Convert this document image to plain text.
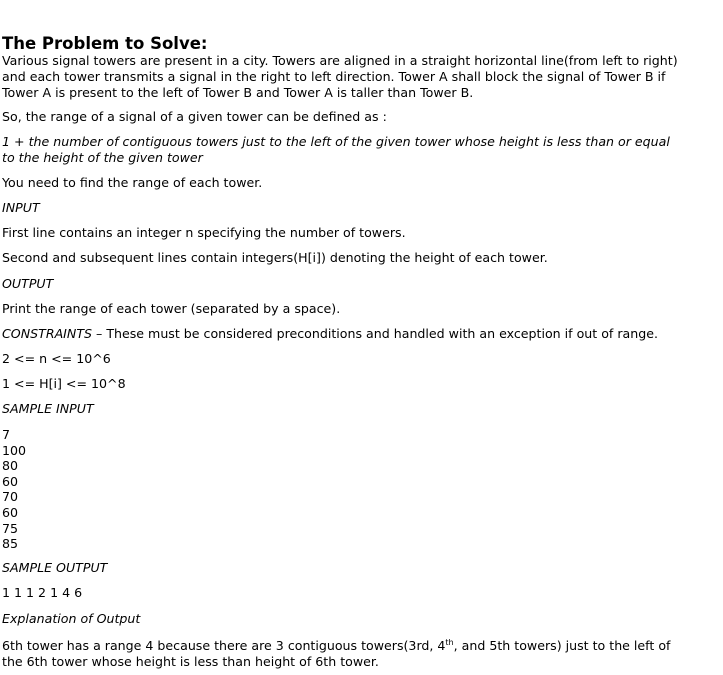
The Problem to Solve:

Various signal towers are present in a city. Towers are aligned in a straight horizontal line(from left to right)
and each tower transmits a signal in the right to left direction. Tower A shall block the signal of Tower B if
Tower A is present to the left of Tower B and Tower A is taller than Tower B.

So, the range of a signal of a given tower can be defined as :

1 + the number of contiguous towers just to the left of the given tower whose height is less than or equal
to the height of the given tower

You need to find the range of each tower.

INPUT

First line contains an integer n specifying the number of towers.

Second and subsequent lines contain integers(H[i]) denoting the height of each tower.

OUTPUT

Print the range of each tower (separated by a space).

CONSTRAINTS – These must be considered preconditions and handled with an exception if out of range.

2 <= n <= 10^6

1 <= H[i] <= 10^8

SAMPLE INPUT

7
100
80
60
70
60
75
85

SAMPLE OUTPUT

1 1 1 2 1 4 6

Explanation of Output

6th tower has a range 4 because there are 3 contiguous towers(3rd, 4th, and 5th towers) just to the left of
the 6th tower whose height is less than height of 6th tower.
